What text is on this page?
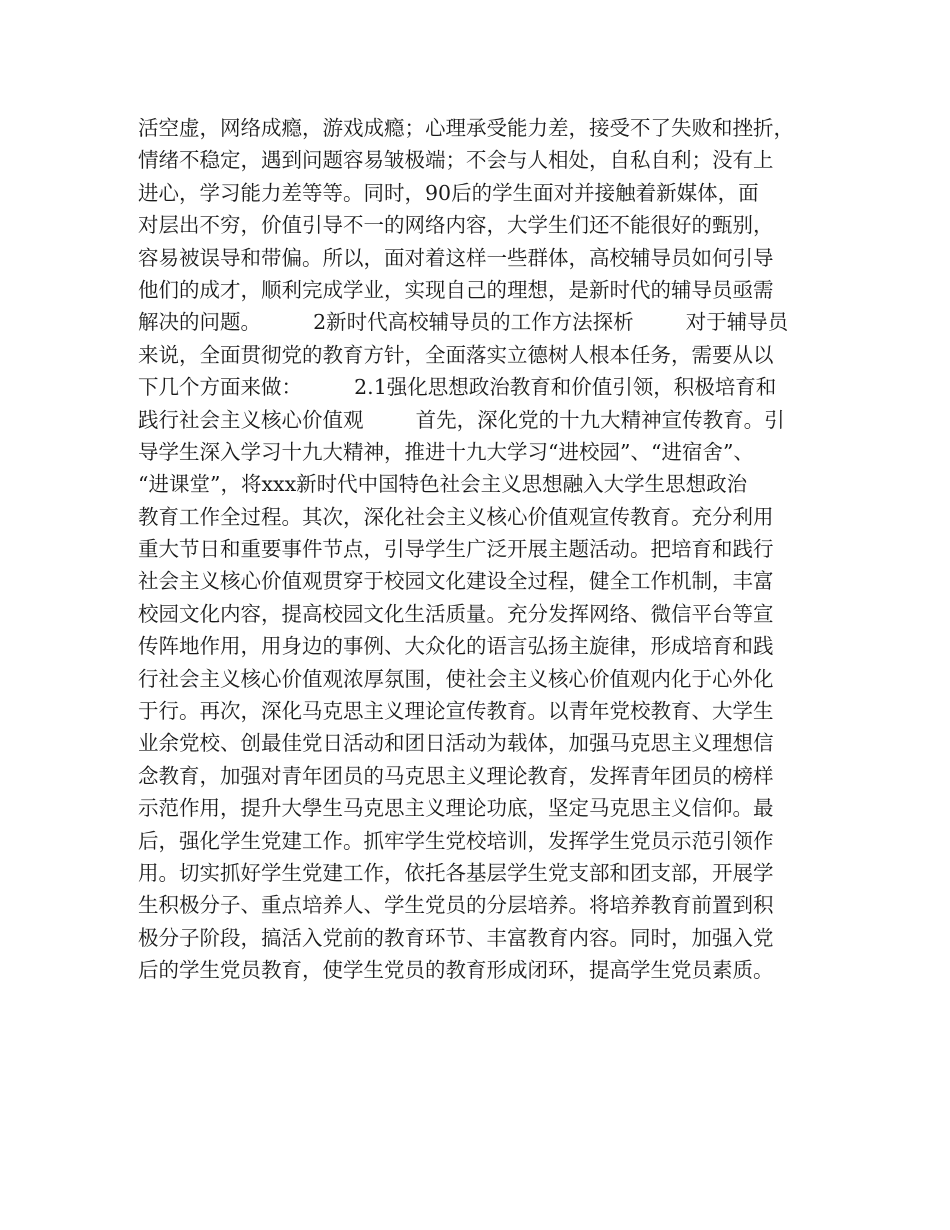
活空虚，网络成瘾，游戏成瘾；心理承受能力差，接受不了失败和挫折，
情绪不稳定，遇到问题容易皱极端；不会与人相处，自私自利；没有上
进心，学习能力差等等。同时，90后的学生面对并接触着新媒体，面
对层出不穷，价值引导不一的网络内容，大学生们还不能很好的甄别，
容易被误导和带偏。所以，面对着这样一些群体，高校辅导员如何引导
他们的成才，顺利完成学业，实现自己的理想，是新时代的辅导员亟需
解决的问题。        2新时代高校辅导员的工作方法探析        对于辅导员
来说，全面贯彻党的教育方针，全面落实立德树人根本任务，需要从以
下几个方面来做：        2.1强化思想政治教育和价值引领，积极培育和
践行社会主义核心价值观        首先，深化党的十九大精神宣传教育。引
导学生深入学习十九大精神，推进十九大学习“进校园”、“进宿舍”、
“进课堂”，将xxx新时代中国特色社会主义思想融入大学生思想政治
教育工作全过程。其次，深化社会主义核心价值观宣传教育。充分利用
重大节日和重要事件节点，引导学生广泛开展主题活动。把培育和践行
社会主义核心价值观贯穿于校园文化建设全过程，健全工作机制，丰富
校园文化内容，提高校园文化生活质量。充分发挥网络、微信平台等宣
传阵地作用，用身边的事例、大众化的语言弘扬主旋律，形成培育和践
行社会主义核心价值观浓厚氛围，使社会主义核心价值观内化于心外化
于行。再次，深化马克思主义理论宣传教育。以青年党校教育、大学生
业余党校、创最佳党日活动和团日活动为载体，加强马克思主义理想信
念教育，加强对青年团员的马克思主义理论教育，发挥青年团员的榜样
示范作用，提升大學生马克思主义理论功底，坚定马克思主义信仰。最
后，强化学生党建工作。抓牢学生党校培训，发挥学生党员示范引领作
用。切实抓好学生党建工作，依托各基层学生党支部和团支部，开展学
生积极分子、重点培养人、学生党员的分层培养。将培养教育前置到积
极分子阶段，搞活入党前的教育环节、丰富教育内容。同时，加强入党
后的学生党员教育，使学生党员的教育形成闭环，提高学生党员素质。
